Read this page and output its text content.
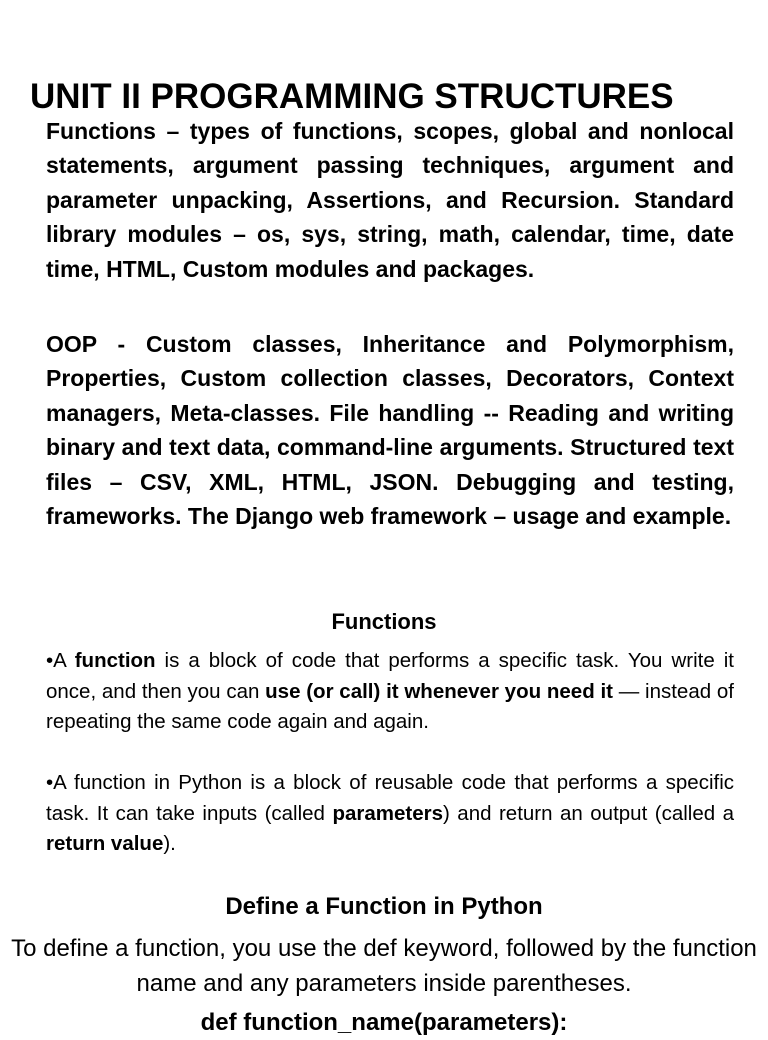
UNIT II PROGRAMMING STRUCTURES

Functions – types of functions, scopes, global and nonlocal statements, argument passing techniques, argument and parameter unpacking, Assertions, and Recursion. Standard library modules – os, sys, string, math, calendar, time, date time, HTML, Custom modules and packages.

OOP - Custom classes, Inheritance and Polymorphism, Properties, Custom collection classes, Decorators, Context managers, Meta-classes. File handling -- Reading and writing binary and text data, command-line arguments. Structured text files – CSV, XML, HTML, JSON. Debugging and testing, frameworks. The Django web framework – usage and example.

Functions

•A function is a block of code that performs a specific task. You write it once, and then you can use (or call) it whenever you need it — instead of repeating the same code again and again.

•A function in Python is a block of reusable code that performs a specific task. It can take inputs (called parameters) and return an output (called a return value).

Define a Function in Python

To define a function, you use the def keyword, followed by the function name and any parameters inside parentheses.

def function_name(parameters):
